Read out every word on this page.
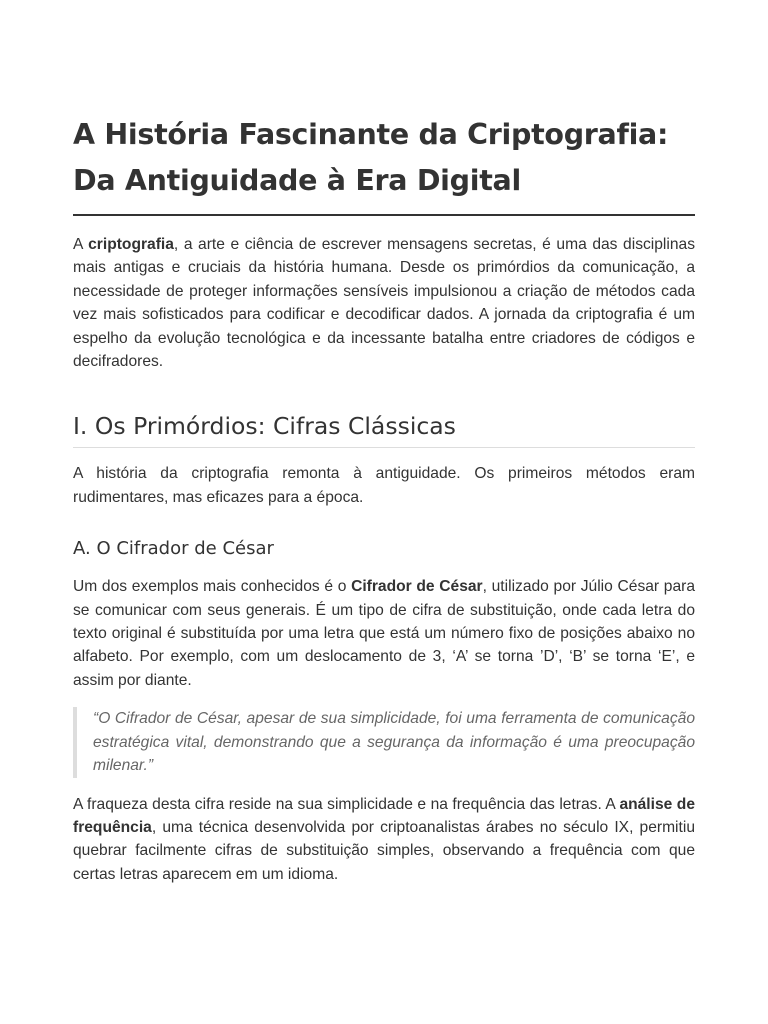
A História Fascinante da Criptografia: Da Antiguidade à Era Digital

A criptografia, a arte e ciência de escrever mensagens secretas, é uma das disciplinas mais antigas e cruciais da história humana. Desde os primórdios da comunicação, a necessidade de proteger informações sensíveis impulsionou a criação de métodos cada vez mais sofisticados para codificar e decodificar dados. A jornada da criptografia é um espelho da evolução tecnológica e da incessante batalha entre criadores de códigos e decifradores.

I. Os Primórdios: Cifras Clássicas

A história da criptografia remonta à antiguidade. Os primeiros métodos eram rudimentares, mas eficazes para a época.

A. O Cifrador de César

Um dos exemplos mais conhecidos é o Cifrador de César, utilizado por Júlio César para se comunicar com seus generais. É um tipo de cifra de substituição, onde cada letra do texto original é substituída por uma letra que está um número fixo de posições abaixo no alfabeto. Por exemplo, com um deslocamento de 3, ‘A’ se torna ’D’, ‘B’ se torna ‘E’, e assim por diante.

“O Cifrador de César, apesar de sua simplicidade, foi uma ferramenta de comunicação estratégica vital, demonstrando que a segurança da informação é uma preocupação milenar.”

A fraqueza desta cifra reside na sua simplicidade e na frequência das letras. A análise de frequência, uma técnica desenvolvida por criptoanalistas árabes no século IX, permitiu quebrar facilmente cifras de substituição simples, observando a frequência com que certas letras aparecem em um idioma.
